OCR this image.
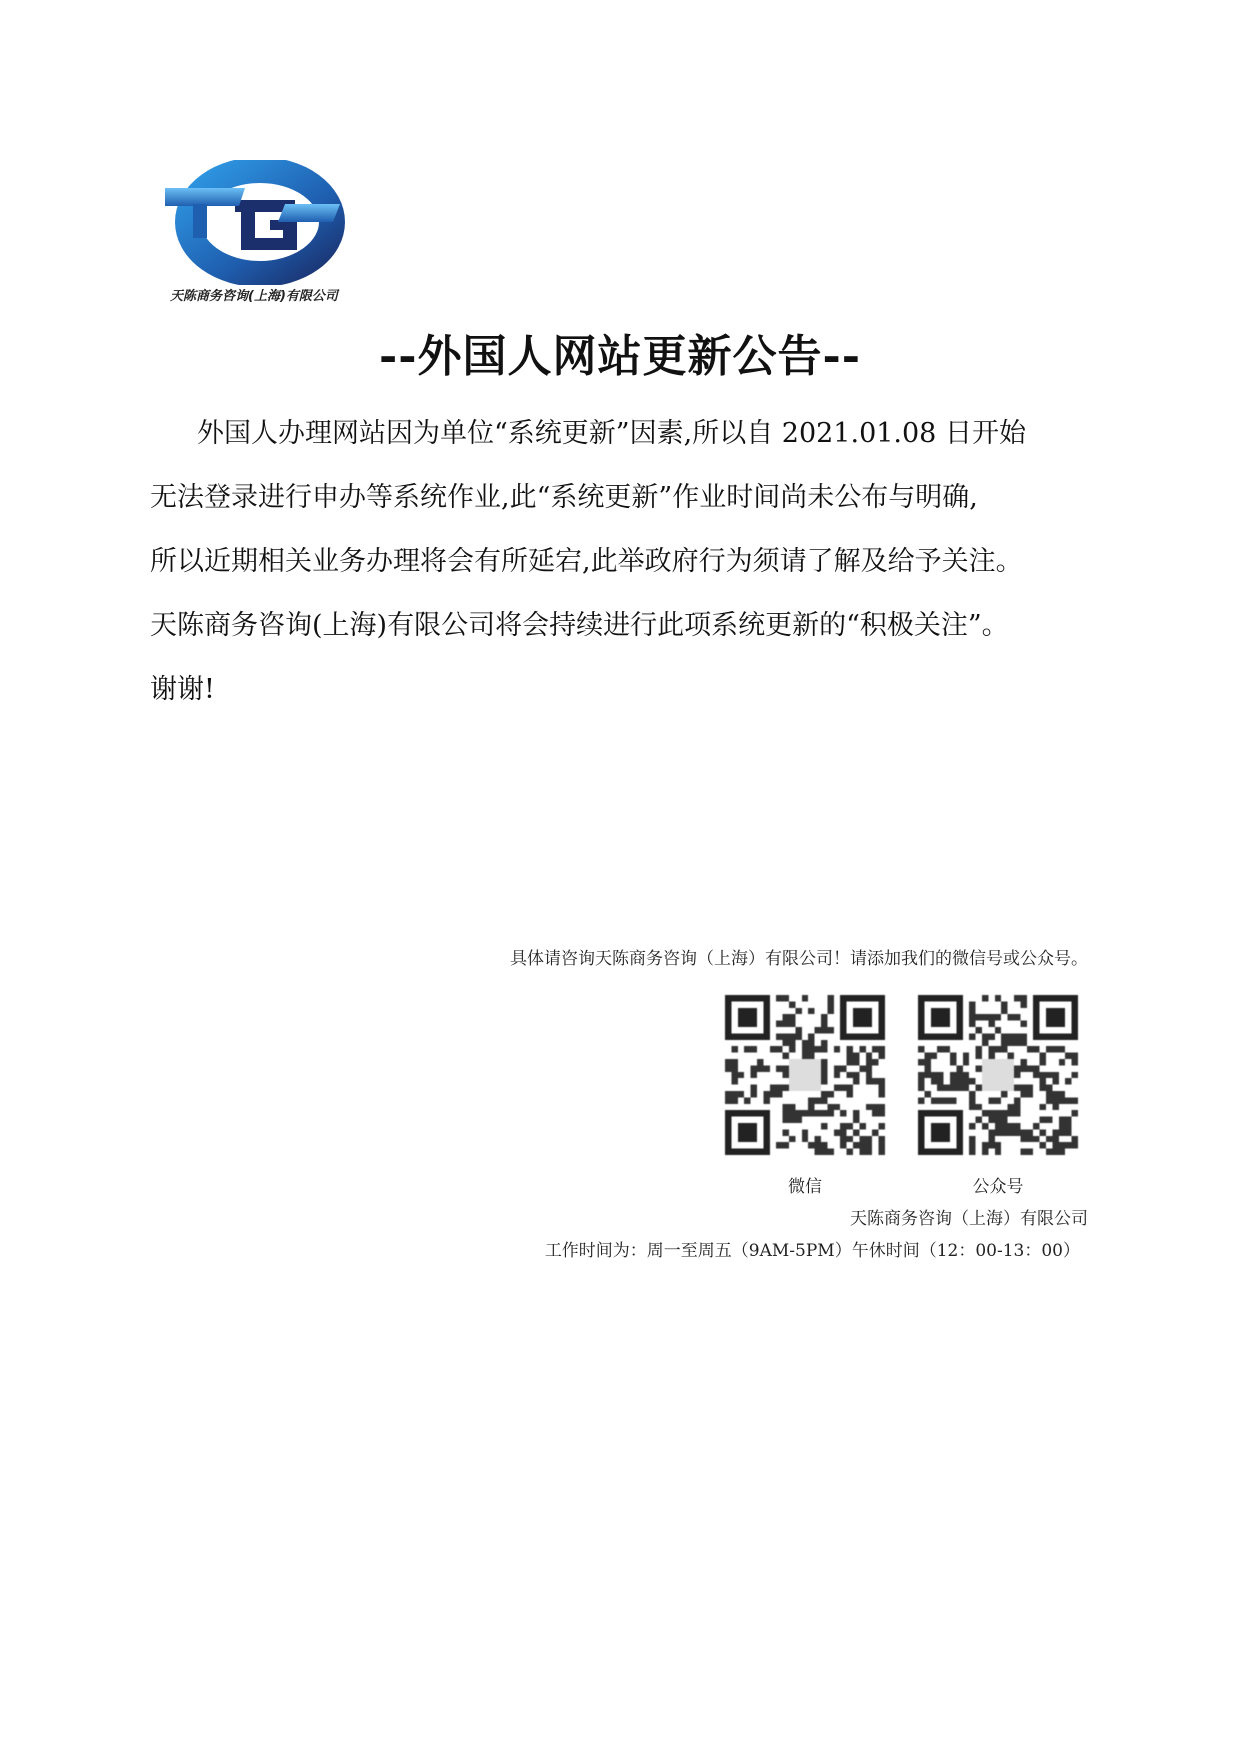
天陈商务咨询(上海)有限公司
--外国人网站更新公告--

外国人办理网站因为单位“系统更新”因素,所以自 2021.01.08 日开始

无法登录进行申办等系统作业,此“系统更新”作业时间尚未公布与明确,

所以近期相关业务办理将会有所延宕,此举政府行为须请了解及给予关注。

天陈商务咨询(上海)有限公司将会持续进行此项系统更新的“积极关注”。

谢谢!

具体请咨询天陈商务咨询（上海）有限公司！请添加我们的微信号或公众号。
微信	公众号
天陈商务咨询（上海）有限公司
工作时间为：周一至周五（9AM-5PM）午休时间（12：00-13：00）
